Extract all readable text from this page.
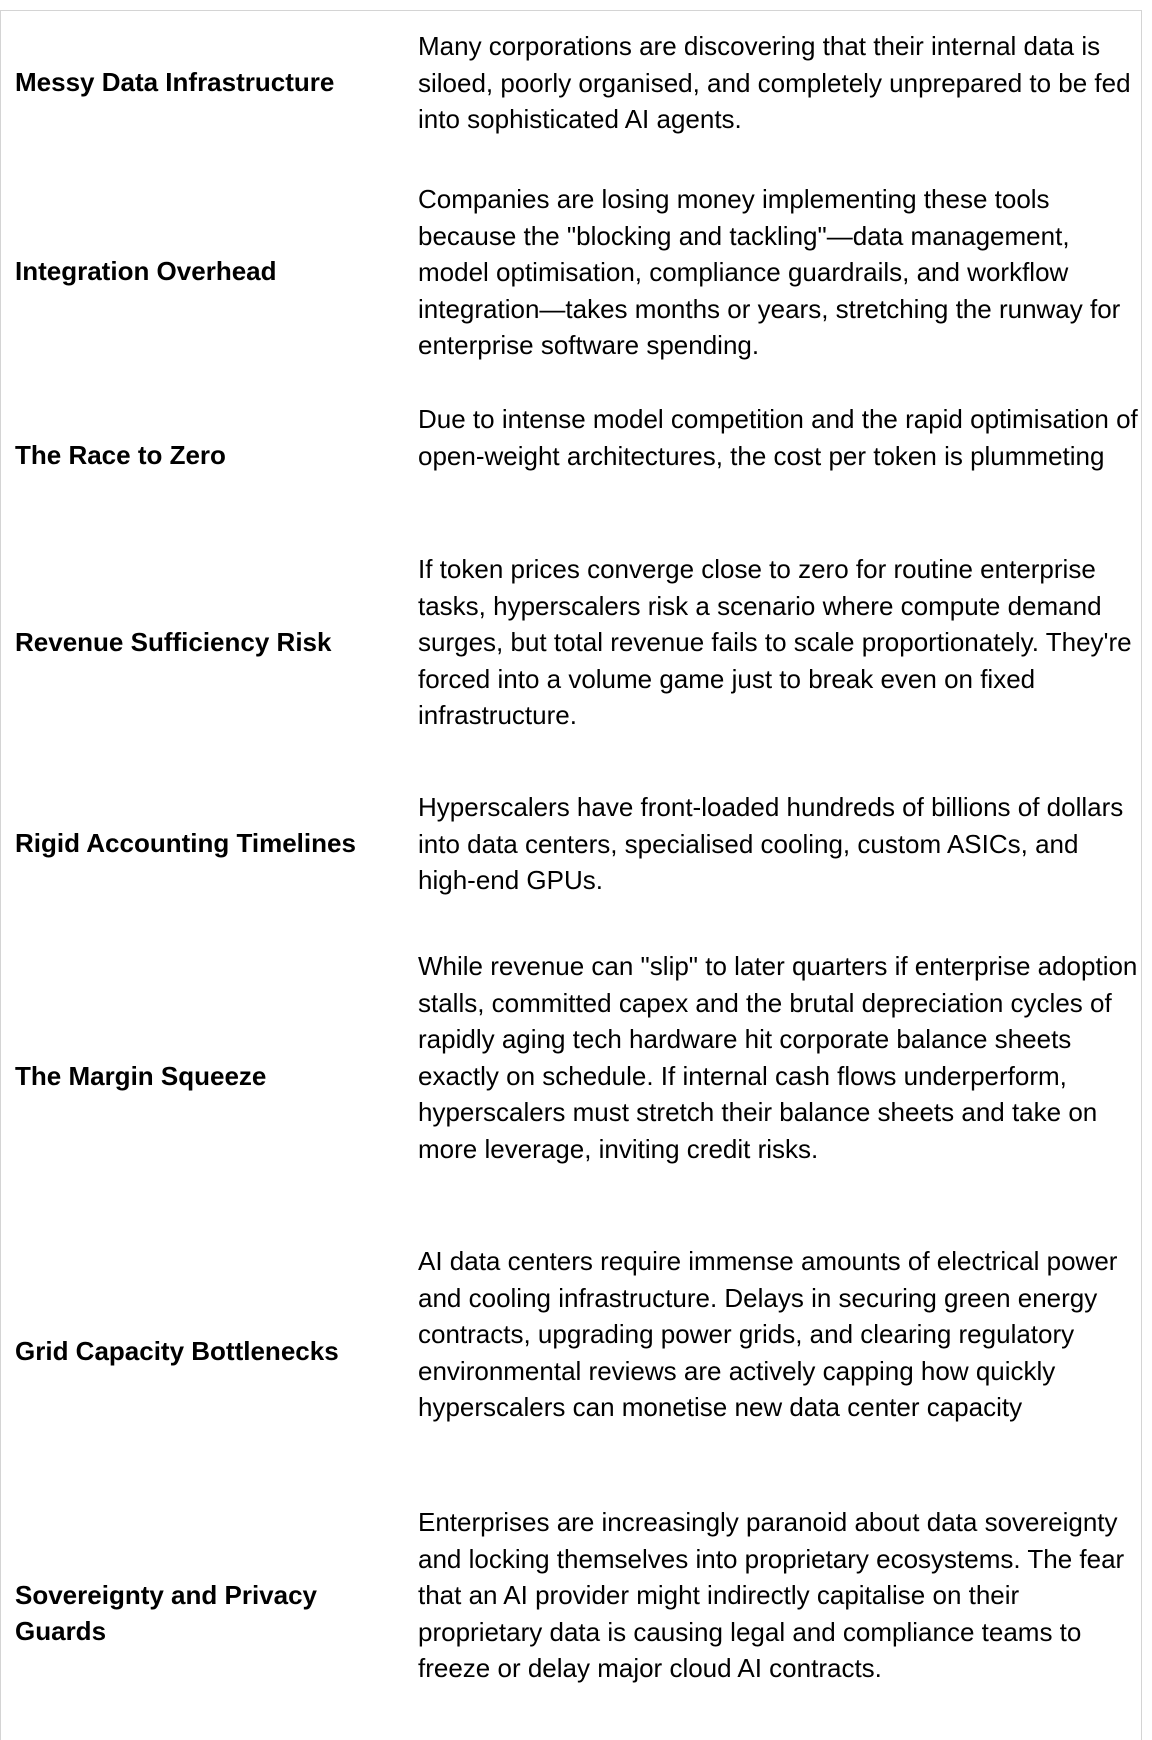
Messy Data Infrastructure
Many corporations are discovering that their internal data is siloed, poorly organised, and completely unprepared to be fed into sophisticated AI agents.
Integration Overhead
Companies are losing money implementing these tools because the "blocking and tackling"—data management, model optimisation, compliance guardrails, and workflow integration—takes months or years, stretching the runway for enterprise software spending.
The Race to Zero
Due to intense model competition and the rapid optimisation of open-weight architectures, the cost per token is plummeting
Revenue Sufficiency Risk
If token prices converge close to zero for routine enterprise tasks, hyperscalers risk a scenario where compute demand surges, but total revenue fails to scale proportionately. They're forced into a volume game just to break even on fixed infrastructure.
Rigid Accounting Timelines
Hyperscalers have front-loaded hundreds of billions of dollars into data centers, specialised cooling, custom ASICs, and high-end GPUs.
The Margin Squeeze
While revenue can "slip" to later quarters if enterprise adoption stalls, committed capex and the brutal depreciation cycles of rapidly aging tech hardware hit corporate balance sheets exactly on schedule. If internal cash flows underperform, hyperscalers must stretch their balance sheets and take on more leverage, inviting credit risks.
Grid Capacity Bottlenecks
AI data centers require immense amounts of electrical power and cooling infrastructure. Delays in securing green energy contracts, upgrading power grids, and clearing regulatory environmental reviews are actively capping how quickly hyperscalers can monetise new data center capacity
Sovereignty and Privacy Guards
Enterprises are increasingly paranoid about data sovereignty and locking themselves into proprietary ecosystems. The fear that an AI provider might indirectly capitalise on their proprietary data is causing legal and compliance teams to freeze or delay major cloud AI contracts.
